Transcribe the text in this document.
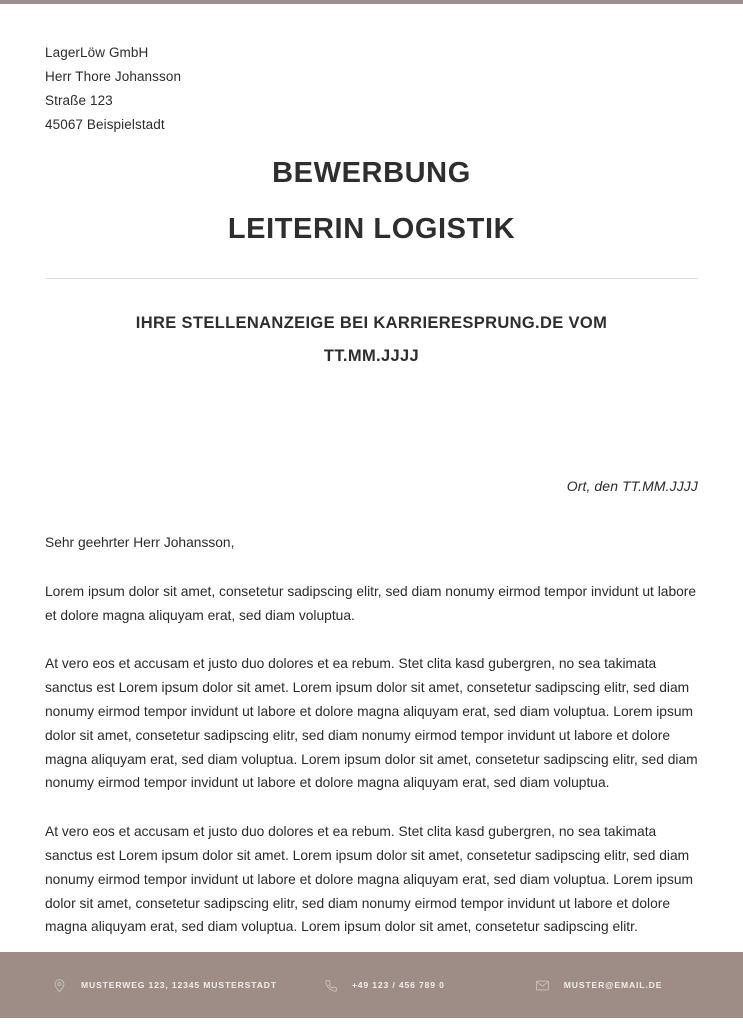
LagerLöw GmbH
Herr Thore Johansson
Straße 123
45067 Beispielstadt
BEWERBUNG
LEITERIN LOGISTIK
IHRE STELLENANZEIGE BEI KARRIERESPRUNG.DE VOM
TT.MM.JJJJ
Ort, den TT.MM.JJJJ
Sehr geehrter Herr Johansson,

Lorem ipsum dolor sit amet, consetetur sadipscing elitr, sed diam nonumy eirmod tempor invidunt ut labore et dolore magna aliquyam erat, sed diam voluptua.

At vero eos et accusam et justo duo dolores et ea rebum. Stet clita kasd gubergren, no sea takimata sanctus est Lorem ipsum dolor sit amet. Lorem ipsum dolor sit amet, consetetur sadipscing elitr, sed diam nonumy eirmod tempor invidunt ut labore et dolore magna aliquyam erat, sed diam voluptua. Lorem ipsum dolor sit amet, consetetur sadipscing elitr, sed diam nonumy eirmod tempor invidunt ut labore et dolore magna aliquyam erat, sed diam voluptua. Lorem ipsum dolor sit amet, consetetur sadipscing elitr, sed diam nonumy eirmod tempor invidunt ut labore et dolore magna aliquyam erat, sed diam voluptua.

At vero eos et accusam et justo duo dolores et ea rebum. Stet clita kasd gubergren, no sea takimata sanctus est Lorem ipsum dolor sit amet. Lorem ipsum dolor sit amet, consetetur sadipscing elitr, sed diam nonumy eirmod tempor invidunt ut labore et dolore magna aliquyam erat, sed diam voluptua. Lorem ipsum dolor sit amet, consetetur sadipscing elitr, sed diam nonumy eirmod tempor invidunt ut labore et dolore magna aliquyam erat, sed diam voluptua. Lorem ipsum dolor sit amet, consetetur sadipscing elitr.

MUSTERWEG 123, 12345 MUSTERSTADT	+49 123 / 456 789 0	MUSTER@EMAIL.DE
